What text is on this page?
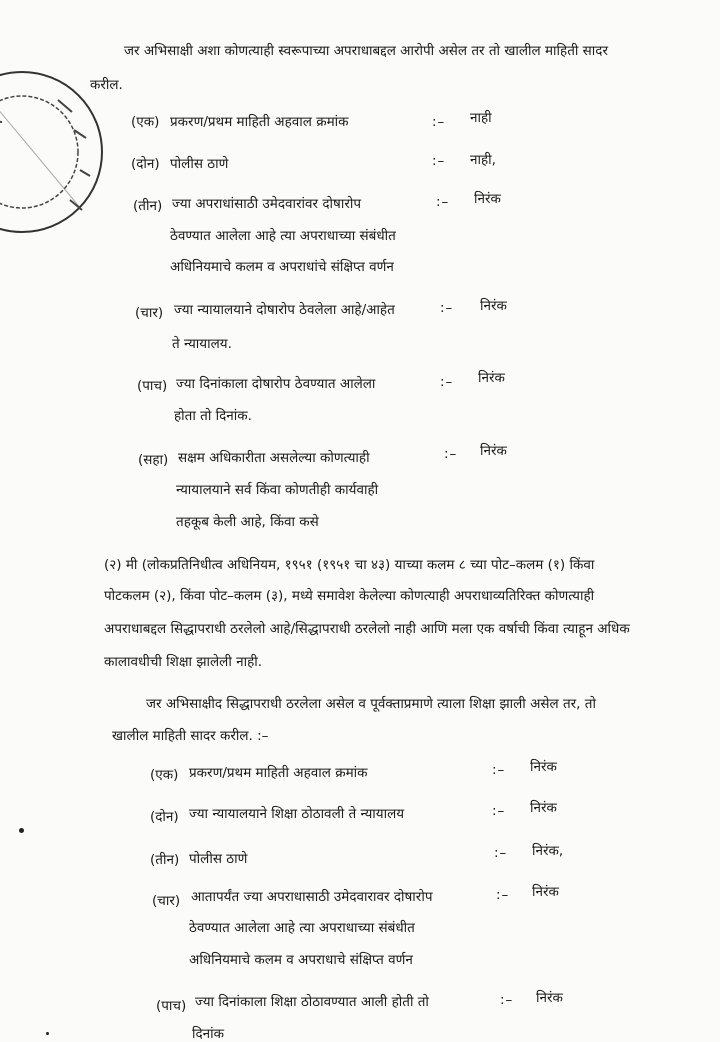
जर अभिसाक्षी अशा कोणत्याही स्वरूपाच्या अपराधाबद्दल आरोपी असेल तर तो खालील माहिती सादर
करील.
(एक) प्रकरण/प्रथम माहिती अहवाल क्रमांक	:– नाही
(दोन) पोलीस ठाणे	:– नाही,
(तीन) ज्या अपराधांसाठी उमेदवारांवर दोषारोप
ठेवण्यात आलेला आहे त्या अपराधाच्या संबंधीत
अधिनियमाचे कलम व अपराधांचे संक्षिप्त वर्णन
:– निरंक
(चार) ज्या न्यायालयाने दोषारोप ठेवलेला आहे/आहेत	:– निरंक
ते न्यायालय.
(पाच) ज्या दिनांकाला दोषारोप ठेवण्यात आलेला
होता तो दिनांक.
:– निरंक
(सहा) सक्षम अधिकारीता असलेल्या कोणत्याही
न्यायालयाने सर्व किंवा कोणतीही कार्यवाही
तहकूब केली आहे, किंवा कसे
:– निरंक
(२) मी (लोकप्रतिनिधीत्व अधिनियम, १९५१ (१९५१ चा ४३) याच्या कलम ८ च्या पोट–कलम (१) किंवा
पोटकलम (२), किंवा पोट–कलम (३), मध्ये समावेश केलेल्या कोणत्याही अपराधाव्यतिरिक्त कोणत्याही
अपराधाबद्दल सिद्धापराधी ठरलेलो आहे/सिद्धापराधी ठरलेलो नाही आणि मला एक वर्षाची किंवा त्याहून अधिक
कालावधीची शिक्षा झालेली नाही.
जर अभिसाक्षीद सिद्धापराधी ठरलेला असेल व पूर्वक्ताप्रमाणे त्याला शिक्षा झाली असेल तर, तो
खालील माहिती सादर करील. :–
(एक) प्रकरण/प्रथम माहिती अहवाल क्रमांक	:– निरंक
(दोन) ज्या न्यायालयाने शिक्षा ठोठावली ते न्यायालय	:– निरंक
(तीन) पोलीस ठाणे	:– निरंक,
(चार) आतापर्यंत ज्या अपराधासाठी उमेदवारावर दोषारोप
ठेवण्यात आलेला आहे त्या अपराधाच्या संबंधीत
अधिनियमाचे कलम व अपराधाचे संक्षिप्त वर्णन
:– निरंक
(पाच) ज्या दिनांकाला शिक्षा ठोठावण्यात आली होती तो	:– निरंक
दिनांक
